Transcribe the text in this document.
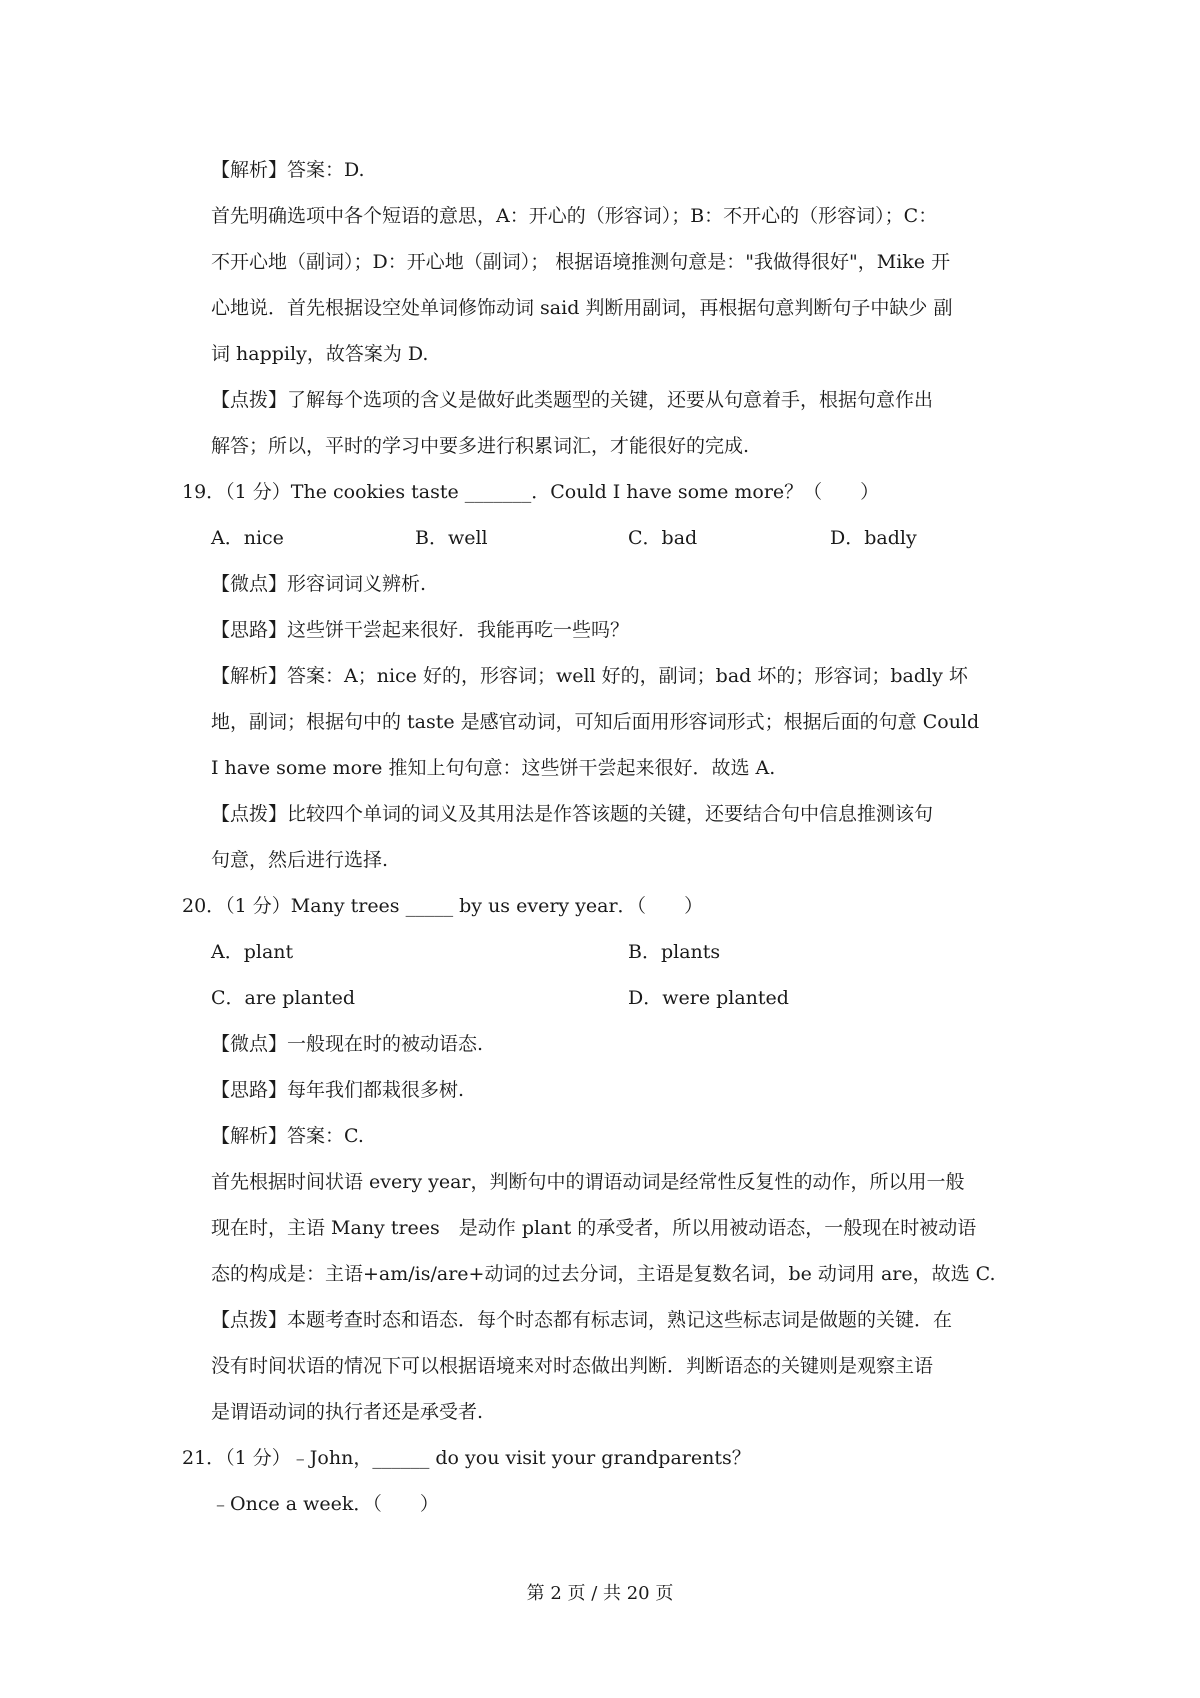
【解析】答案：D.
首先明确选项中各个短语的意思，A：开心的（形容词）；B：不开心的（形容词）；C：
不开心地（副词）；D：开心地（副词）； 根据语境推测句意是："我做得很好"，Mike 开
心地说．首先根据设空处单词修饰动词 said 判断用副词，再根据句意判断句子中缺少 副
词 happily，故答案为 D.
【点拨】了解每个选项的含义是做好此类题型的关键，还要从句意着手，根据句意作出
解答；所以，平时的学习中要多进行积累词汇，才能很好的完成.
19．（1 分）The cookies taste _______．Could I have some more？（　　）
A．nice	B．well	C．bad	D．badly
【微点】形容词词义辨析.
【思路】这些饼干尝起来很好．我能再吃一些吗？
【解析】答案：A；nice 好的，形容词；well 好的，副词；bad 坏的；形容词；badly 坏
地，副词；根据句中的 taste 是感官动词，可知后面用形容词形式；根据后面的句意 Could
I have some more 推知上句句意：这些饼干尝起来很好．故选 A.
【点拨】比较四个单词的词义及其用法是作答该题的关键，还要结合句中信息推测该句
句意，然后进行选择.
20．（1 分）Many trees _____ by us every year．（　　）
A．plant	B．plants
C．are planted	D．were planted
【微点】一般现在时的被动语态.
【思路】每年我们都栽很多树.
【解析】答案：C.
首先根据时间状语 every year，判断句中的谓语动词是经常性反复性的动作，所以用一般
现在时，主语 Many trees　是动作 plant 的承受者，所以用被动语态，一般现在时被动语
态的构成是：主语+am/is/are+动词的过去分词，主语是复数名词，be 动词用 are，故选 C.
【点拨】本题考查时态和语态．每个时态都有标志词，熟记这些标志词是做题的关键．在
没有时间状语的情况下可以根据语境来对时态做出判断．判断语态的关键则是观察主语
是谓语动词的执行者还是承受者.
21．（1 分）﹣John，______ do you visit your grandparents？
﹣Once a week．（　　）
第 2 页 / 共 20 页
